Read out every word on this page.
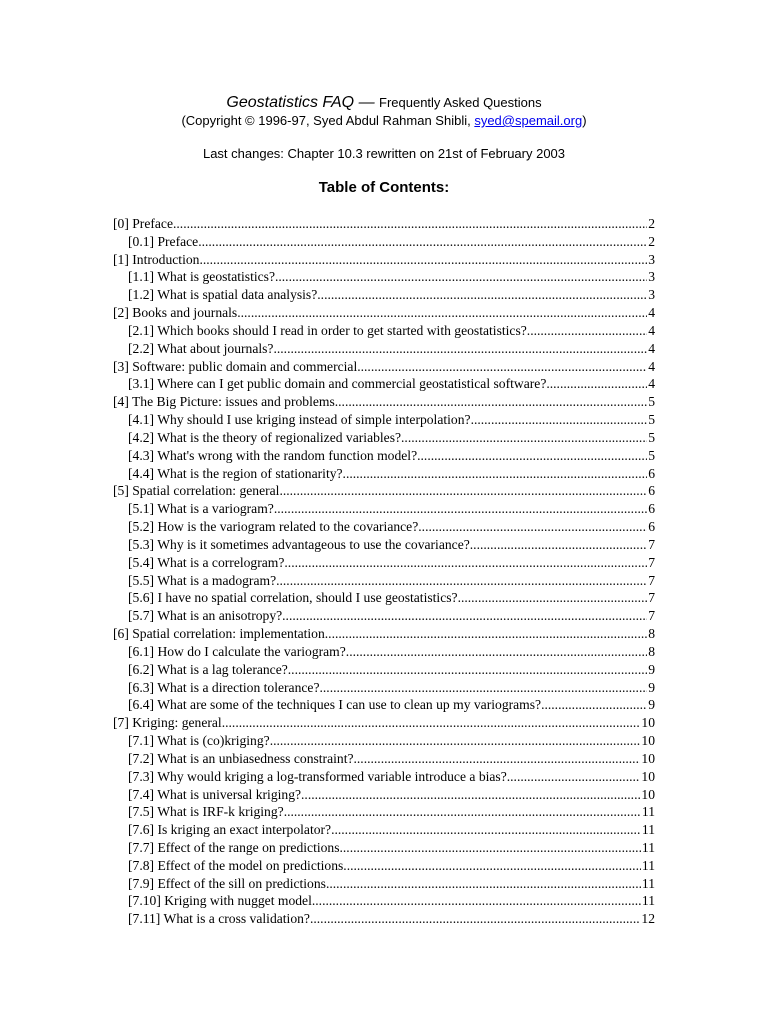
Geostatistics FAQ — Frequently Asked Questions
(Copyright © 1996-97, Syed Abdul Rahman Shibli, syed@spemail.org)
Last changes: Chapter 10.3 rewritten on 21st of February 2003
Table of Contents:
[0] Preface .....	2
[0.1] Preface .....	2
[1] Introduction .....	3
[1.1] What is geostatistics? .....	3
[1.2] What is spatial data analysis? .....	3
[2] Books and journals .....	4
[2.1] Which books should I read in order to get started with geostatistics? .....	4
[2.2] What about journals? .....	4
[3] Software: public domain and commercial .....	4
[3.1] Where can I get public domain and commercial geostatistical software? .....	4
[4] The Big Picture: issues and problems .....	5
[4.1] Why should I use kriging instead of simple interpolation? .....	5
[4.2] What is the theory of regionalized variables? .....	5
[4.3] What's wrong with the random function model? .....	5
[4.4] What is the region of stationarity? .....	6
[5] Spatial correlation: general .....	6
[5.1] What is a variogram? .....	6
[5.2] How is the variogram related to the covariance? .....	6
[5.3] Why is it sometimes advantageous to use the covariance? .....	7
[5.4] What is a correlogram? .....	7
[5.5] What is a madogram? .....	7
[5.6] I have no spatial correlation, should I use geostatistics? .....	7
[5.7] What is an anisotropy? .....	7
[6] Spatial correlation: implementation .....	8
[6.1] How do I calculate the variogram? .....	8
[6.2] What is a lag tolerance? .....	9
[6.3] What is a direction tolerance? .....	9
[6.4] What are some of the techniques I can use to clean up my variograms? .....	9
[7] Kriging: general .....	10
[7.1] What is (co)kriging? .....	10
[7.2] What is an unbiasedness constraint? .....	10
[7.3] Why would kriging a log-transformed variable introduce a bias? .....	10
[7.4] What is universal kriging? .....	10
[7.5] What is IRF-k kriging? .....	11
[7.6] Is kriging an exact interpolator? .....	11
[7.7] Effect of the range on predictions. .....	11
[7.8] Effect of the model on predictions. .....	11
[7.9] Effect of the sill on predictions. .....	11
[7.10] Kriging with nugget model. .....	11
[7.11] What is a cross validation? .....	12
